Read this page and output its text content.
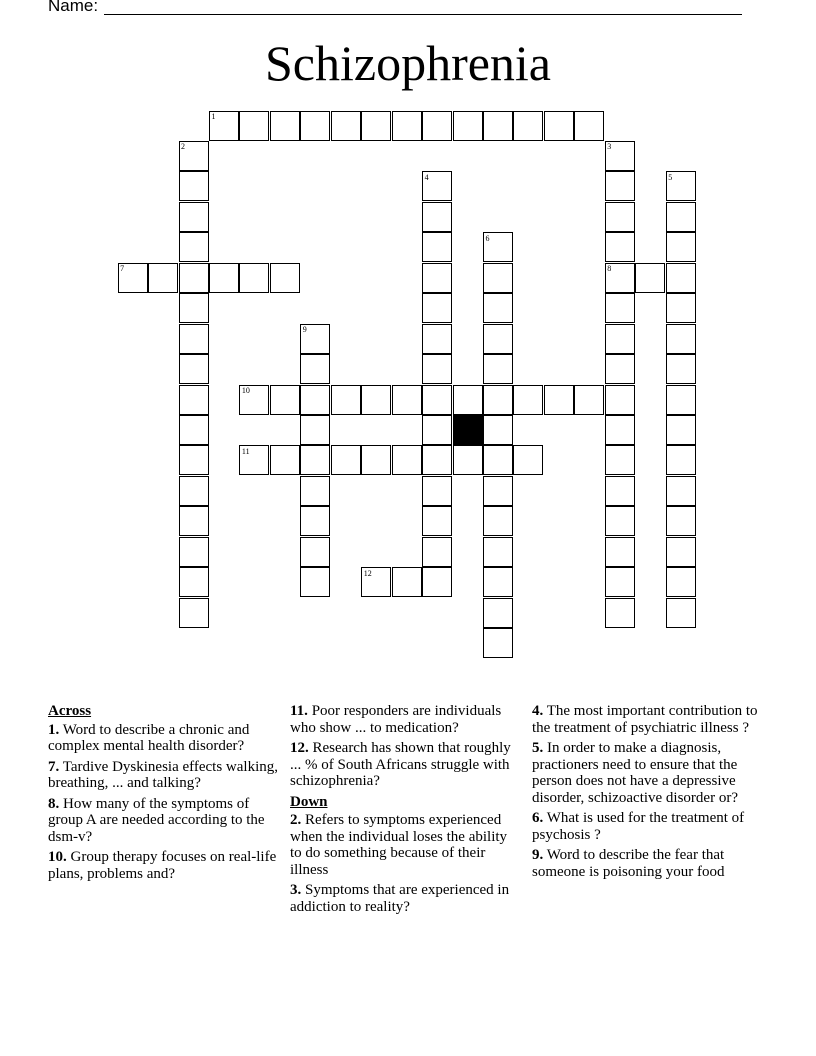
Name:
Schizophrenia
1
2	3
4	5
6
7	8
9
10
11
12
Across
1. Word to describe a chronic and complex mental health disorder?
7. Tardive Dyskinesia effects walking, breathing, ... and talking?
8. How many of the symptoms of group A are needed according to the dsm-v?
10. Group therapy focuses on real-life plans, problems and?
11. Poor responders are individuals who show ... to medication?
12. Research has shown that roughly ... % of South Africans struggle with schizophrenia?
Down
2. Refers to symptoms experienced when the individual loses the ability to do something because of their illness
3. Symptoms that are experienced in addiction to reality?
4. The most important contribution to the treatment of psychiatric illness ?
5. In order to make a diagnosis, practioners need to ensure that the person does not have a depressive disorder, schizoactive disorder or?
6. What is used for the treatment of psychosis ?
9. Word to describe the fear that someone is poisoning your food
